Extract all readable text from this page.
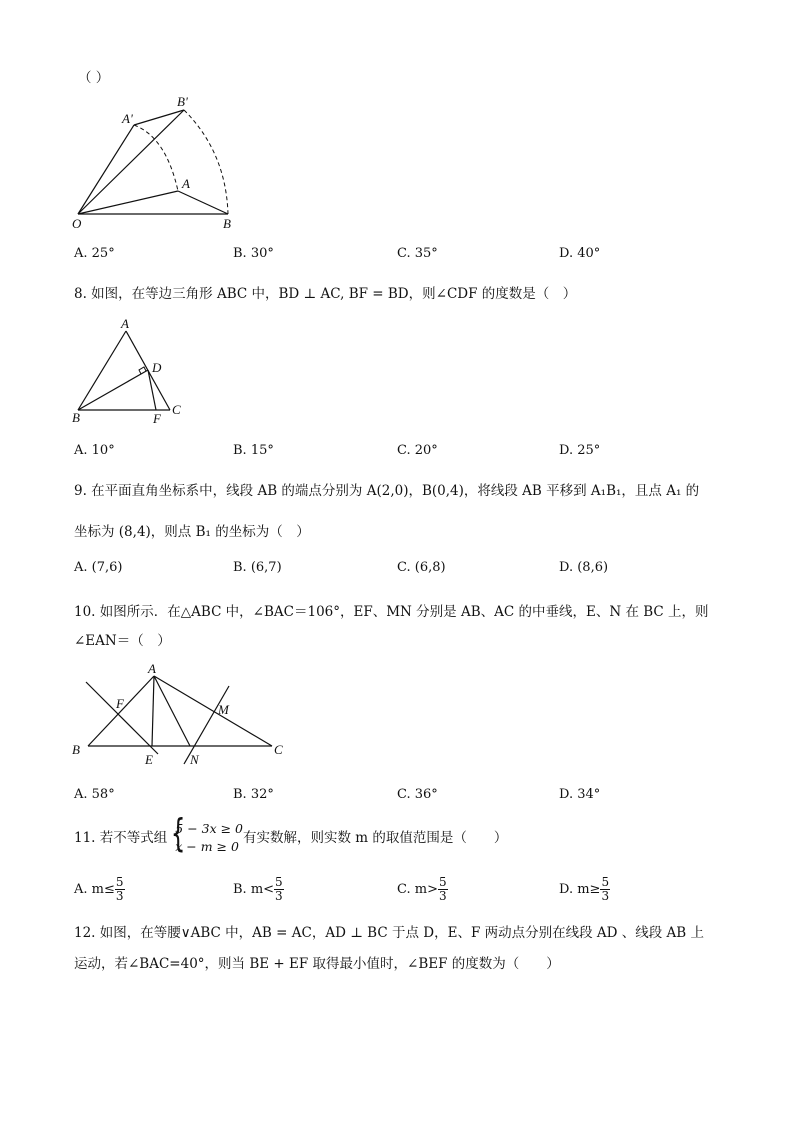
（ ）
A'
B'
A
O	B
A. 25°	B. 30°	C. 35°	D. 40°
8. 如图，在等边三角形 ABC 中，BD ⊥ AC, BF = BD，则∠CDF 的度数是（　）
A
D
B	F
C
A. 10°	B. 15°	C. 20°	D. 25°
9. 在平面直角坐标系中，线段 AB 的端点分别为 A(2,0)，B(0,4)，将线段 AB 平移到 A₁B₁，且点 A₁ 的
坐标为 (8,4)，则点 B₁ 的坐标为（　）
A. (7,6)	B. (6,7)	C. (6,8)	D. (8,6)
10. 如图所示．在△ABC 中，∠BAC＝106°，EF、MN 分别是 AB、AC 的中垂线，E、N 在 BC 上，则
∠EAN＝（　）
A
F	M
B
E	N
C
A. 58°	B. 32°	C. 36°	D. 34°
11. 若不等式组 {
5 − 3x ≥ 0
x − m ≥ 0
有实数解，则实数 m 的取值范围是（　　）
A. $m\le \frac{5}{3}$	B. $m< \frac{5}{3}$	C. $m> \frac{5}{3}$	D. $m\ge \frac{5}{3}$
12. 如图，在等腰∨ABC 中，AB = AC，AD ⊥ BC 于点 D，E、F 两动点分别在线段 AD 、线段 AB 上
运动，若∠BAC=40°，则当 BE + EF 取得最小值时，∠BEF 的度数为（　　）
